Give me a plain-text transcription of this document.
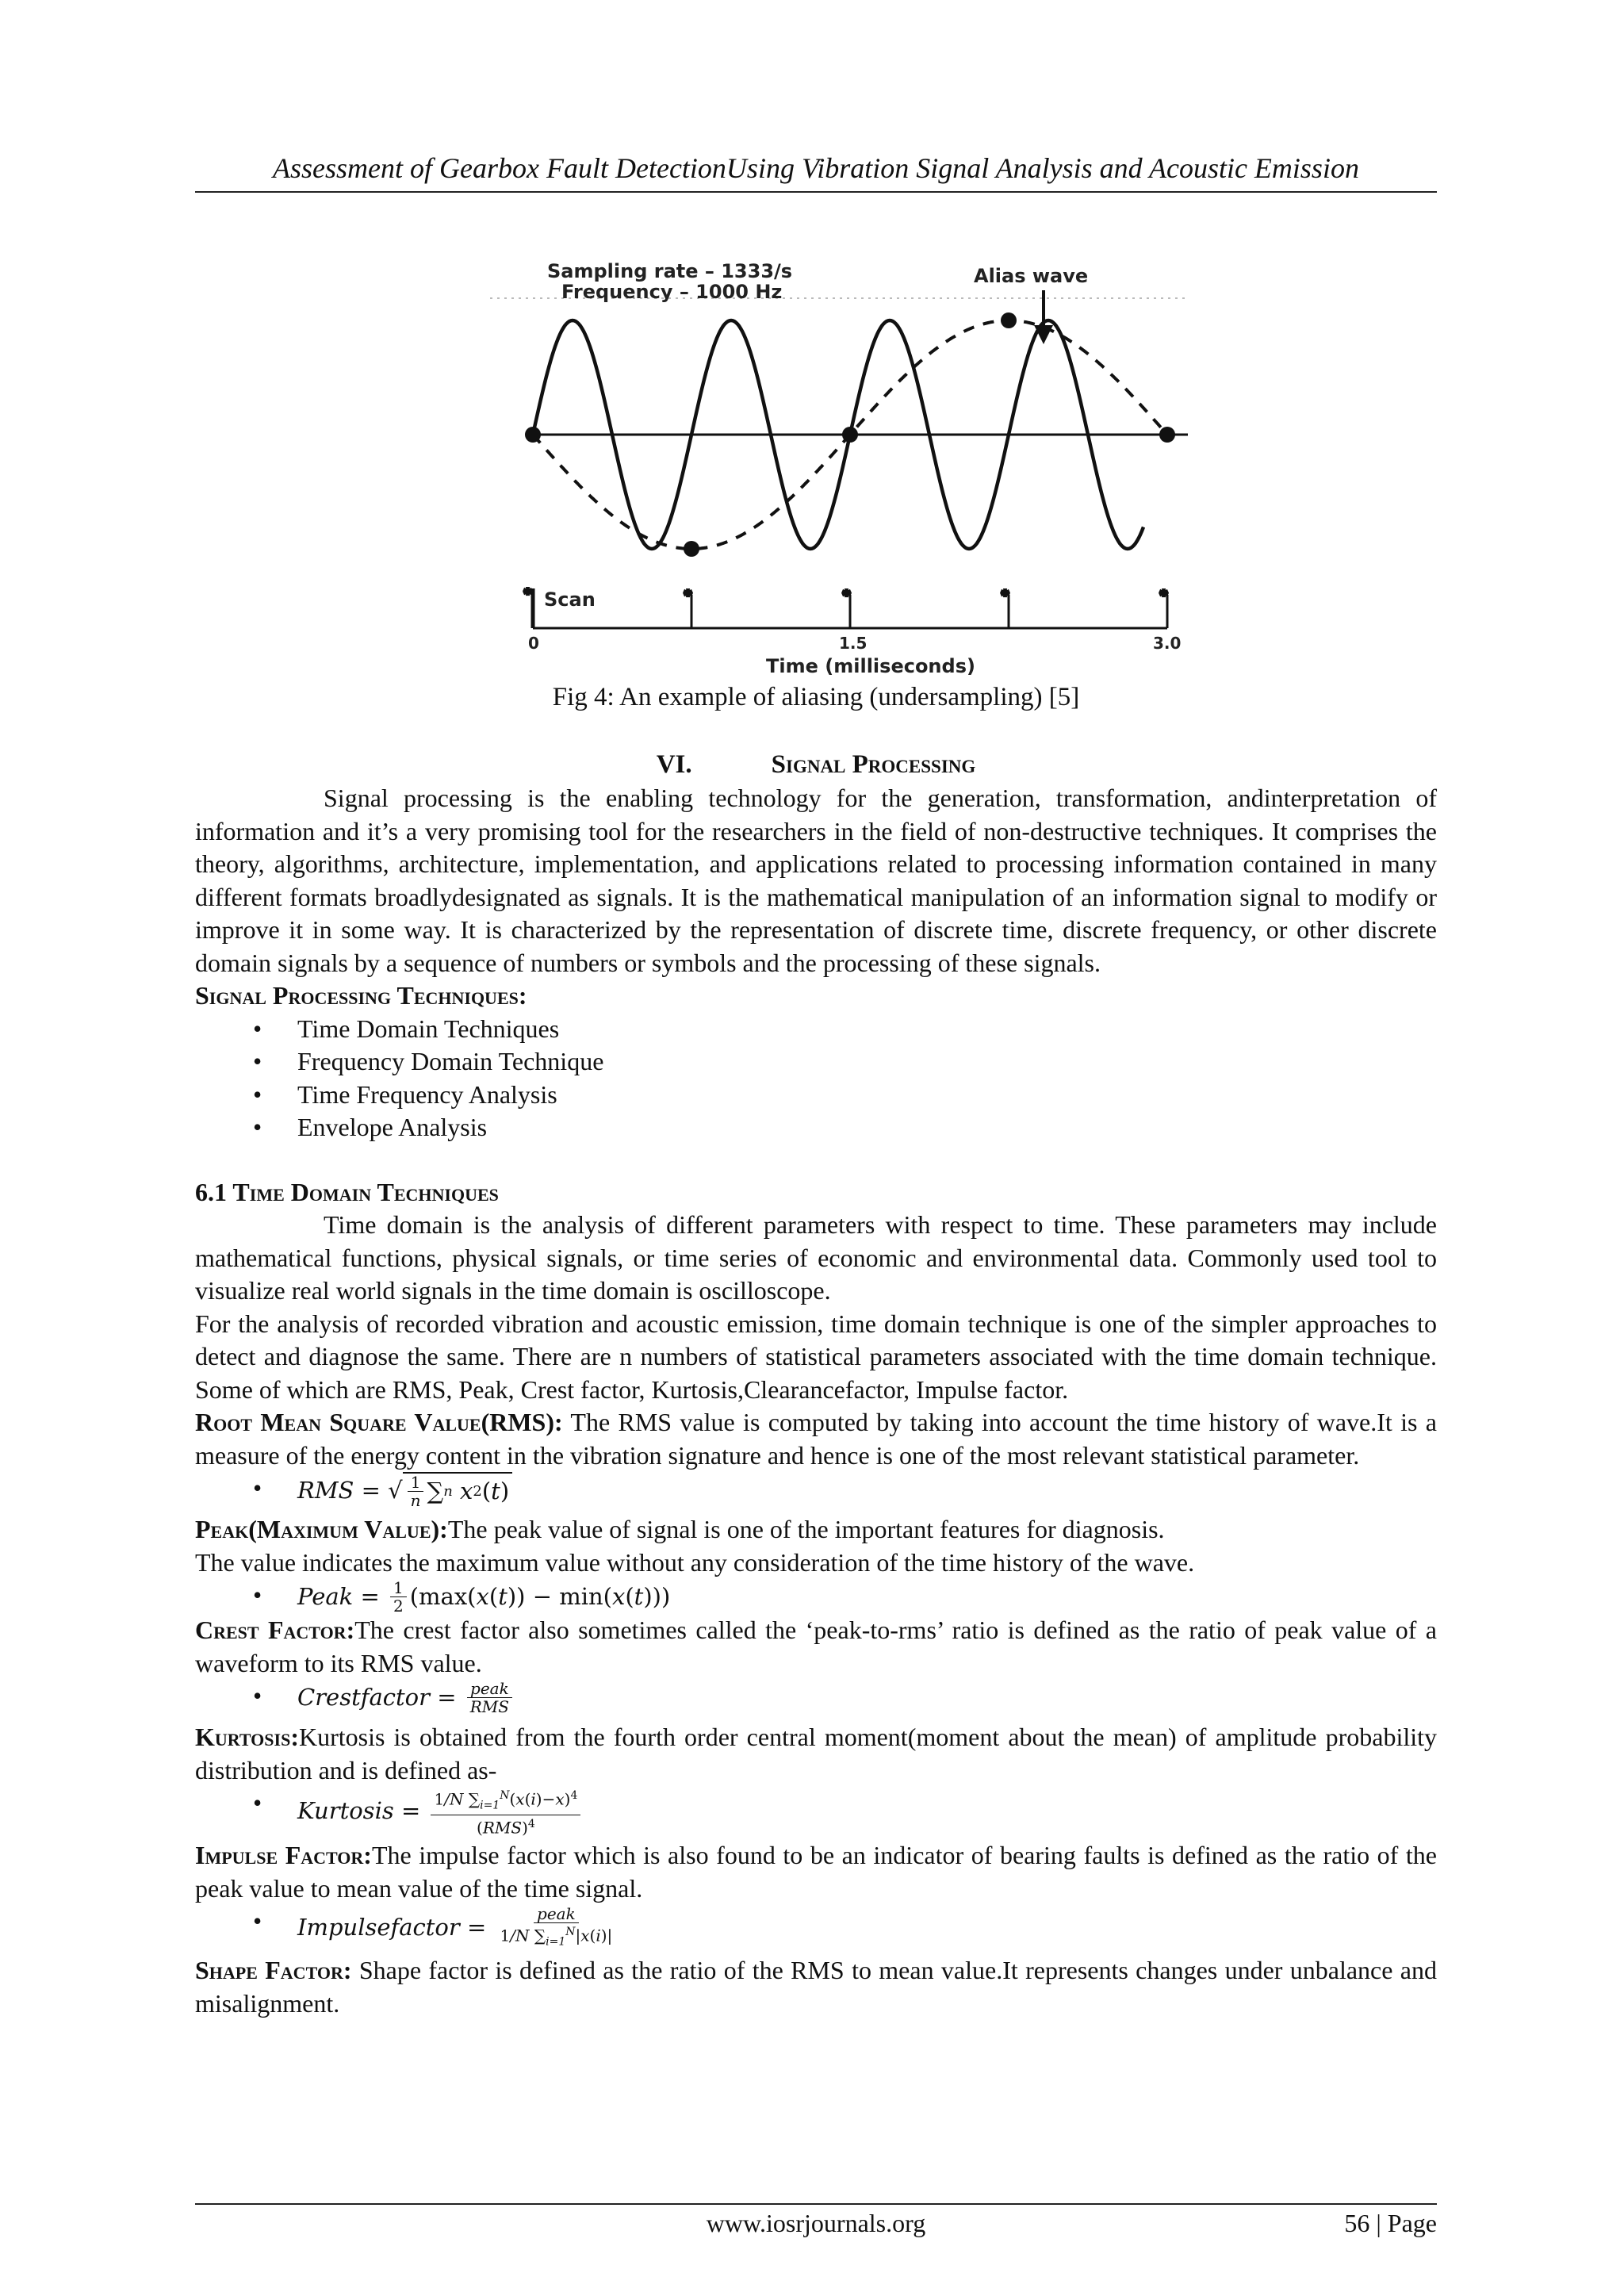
Assessment of Gearbox Fault DetectionUsing Vibration Signal Analysis and Acoustic Emission
Sampling rate – 1333/s
Frequency – 1000 Hz
Alias wave
*	*	*	*	*
Scan
0	1.5	3.0
Time (milliseconds)
Fig 4: An example of aliasing (undersampling) [5]
VI.	Signal Processing

Signal processing is the enabling technology for the generation, transformation, andinterpretation of information and it’s a very promising tool for the researchers in the field of non-destructive techniques. It comprises the theory, algorithms, architecture, implementation, and applications related to processing information contained in many different formats broadlydesignated as signals. It is the mathematical manipulation of an information signal to modify or improve it in some way. It is characterized by the representation of discrete time, discrete frequency, or other discrete domain signals by a sequence of numbers or symbols and the processing of these signals.

Signal Processing Techniques:
• Time Domain Techniques
• Frequency Domain Technique
• Time Frequency Analysis
• Envelope Analysis
6.1 Time Domain Techniques

Time domain is the analysis of different parameters with respect to time. These parameters may include mathematical functions, physical signals, or time series of economic and environmental data. Commonly used tool to visualize real world signals in the time domain is oscilloscope.

For the analysis of recorded vibration and acoustic emission, time domain technique is one of the simpler approaches to detect and diagnose the same. There are n numbers of statistical parameters associated with the time domain technique. Some of which are RMS, Peak, Crest factor, Kurtosis,Clearancefactor, Impulse factor.

Root Mean Square Value(RMS): The RMS value is computed by taking into account the time history of wave.It is a measure of the energy content in the vibration signature and hence is one of the most relevant statistical parameter.

• RMS =
√ $\frac{1}{n}$ ∑ n
x 2 ( t )

Peak(Maximum Value):The peak value of signal is one of the important features for diagnosis.

The value indicates the maximum value without any consideration of the time history of the wave.

• Peak =
$\frac{1}{2} (\max$( x ( t )) − min( x ( t )))

Crest Factor:The crest factor also sometimes called the ‘peak-to-rms’ ratio is defined as the ratio of peak value of a waveform to its RMS value.

• Crestfactor =
$\frac{\text{peak}}{\text{RMS}}$

Kurtosis:Kurtosis is obtained from the fourth order central moment(moment about the mean) of amplitude probability distribution and is defined as-

• Kurtosis =
$\frac{1/N \sum_{i=1}^N(x(i)-x)^4}{(RMS)^4}$

Impulse Factor:The impulse factor which is also found to be an indicator of bearing faults is defined as the ratio of the peak value to mean value of the time signal.

• Impulsefactor =
$\frac{\text{peak}}{1/N \sum_{i=1}^N|x(i)|}$

Shape Factor: Shape factor is defined as the ratio of the RMS to mean value.It represents changes under unbalance and misalignment.

www.iosrjournals.org	56 | Page
